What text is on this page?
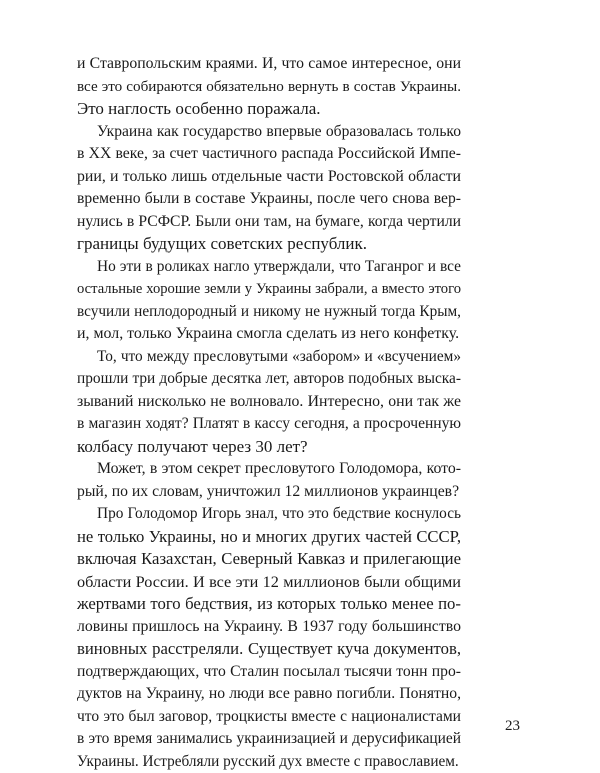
и Ставропольским краями. И, что самое интересное, они
все это собираются обязательно вернуть в состав Украины.
Это наглость особенно поражала.
Украина как государство впервые образовалась только
в XX веке, за счет частичного распада Российской Импе-
рии, и только лишь отдельные части Ростовской области
временно были в составе Украины, после чего снова вер-
нулись в РСФСР. Были они там, на бумаге, когда чертили
границы будущих советских республик.
Но эти в роликах нагло утверждали, что Таганрог и все
остальные хорошие земли у Украины забрали, а вместо этого
всучили неплодородный и никому не нужный тогда Крым,
и, мол, только Украина смогла сделать из него конфетку.
То, что между пресловутыми «забором» и «всучением»
прошли три добрые десятка лет, авторов подобных выска-
зываний нисколько не волновало. Интересно, они так же
в магазин ходят? Платят в кассу сегодня, а просроченную
колбасу получают через 30 лет?
Может, в этом секрет пресловутого Голодомора, кото-
рый, по их словам, уничтожил 12 миллионов украинцев?
Про Голодомор Игорь знал, что это бедствие коснулось
не только Украины, но и многих других частей СССР,
включая Казахстан, Северный Кавказ и прилегающие
области России. И все эти 12 миллионов были общими
жертвами того бедствия, из которых только менее по-
ловины пришлось на Украину. В 1937 году большинство
виновных расстреляли. Существует куча документов,
подтверждающих, что Сталин посылал тысячи тонн про-
дуктов на Украину, но люди все равно погибли. Понятно,
что это был заговор, троцкисты вместе с националистами
в это время занимались украинизацией и дерусификацией
Украины. Истребляли русский дух вместе с православием.
23
